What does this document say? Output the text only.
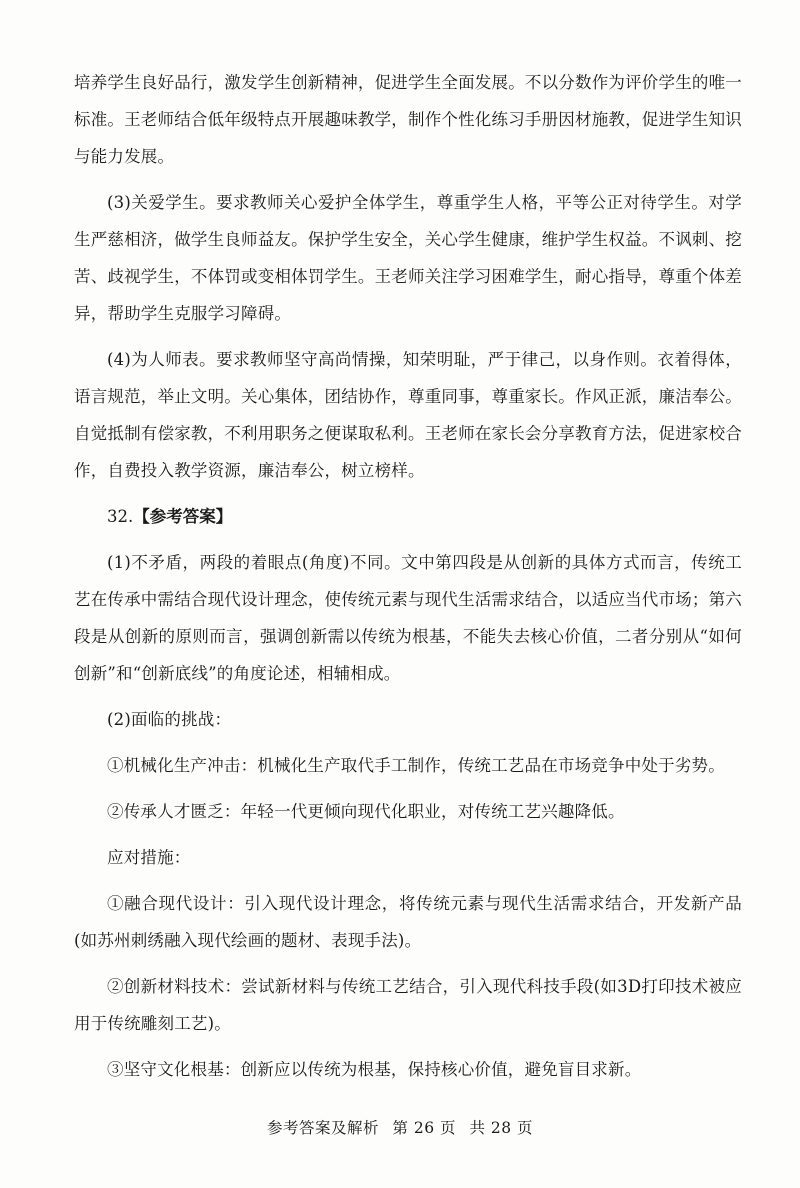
培养学生良好品行，激发学生创新精神，促进学生全面发展。不以分数作为评价学生的唯一标准。王老师结合低年级特点开展趣味教学，制作个性化练习手册因材施教，促进学生知识与能力发展。

(3)关爱学生。要求教师关心爱护全体学生，尊重学生人格，平等公正对待学生。对学生严慈相济，做学生良师益友。保护学生安全，关心学生健康，维护学生权益。不讽刺、挖苦、歧视学生，不体罚或变相体罚学生。王老师关注学习困难学生，耐心指导，尊重个体差异，帮助学生克服学习障碍。

(4)为人师表。要求教师坚守高尚情操，知荣明耻，严于律己，以身作则。衣着得体，语言规范，举止文明。关心集体，团结协作，尊重同事，尊重家长。作风正派，廉洁奉公。自觉抵制有偿家教，不利用职务之便谋取私利。王老师在家长会分享教育方法，促进家校合作，自费投入教学资源，廉洁奉公，树立榜样。

32.【参考答案】

(1)不矛盾，两段的着眼点(角度)不同。文中第四段是从创新的具体方式而言，传统工艺在传承中需结合现代设计理念，使传统元素与现代生活需求结合，以适应当代市场；第六段是从创新的原则而言，强调创新需以传统为根基，不能失去核心价值，二者分别从“如何创新”和“创新底线”的角度论述，相辅相成。

(2)面临的挑战：

①机械化生产冲击：机械化生产取代手工制作，传统工艺品在市场竞争中处于劣势。

②传承人才匮乏：年轻一代更倾向现代化职业，对传统工艺兴趣降低。

应对措施：

①融合现代设计：引入现代设计理念，将传统元素与现代生活需求结合，开发新产品(如苏州刺绣融入现代绘画的题材、表现手法)。

②创新材料技术：尝试新材料与传统工艺结合，引入现代科技手段(如3D打印技术被应用于传统雕刻工艺)。

③坚守文化根基：创新应以传统为根基，保持核心价值，避免盲目求新。

参考答案及解析 第 26 页 共 28 页
